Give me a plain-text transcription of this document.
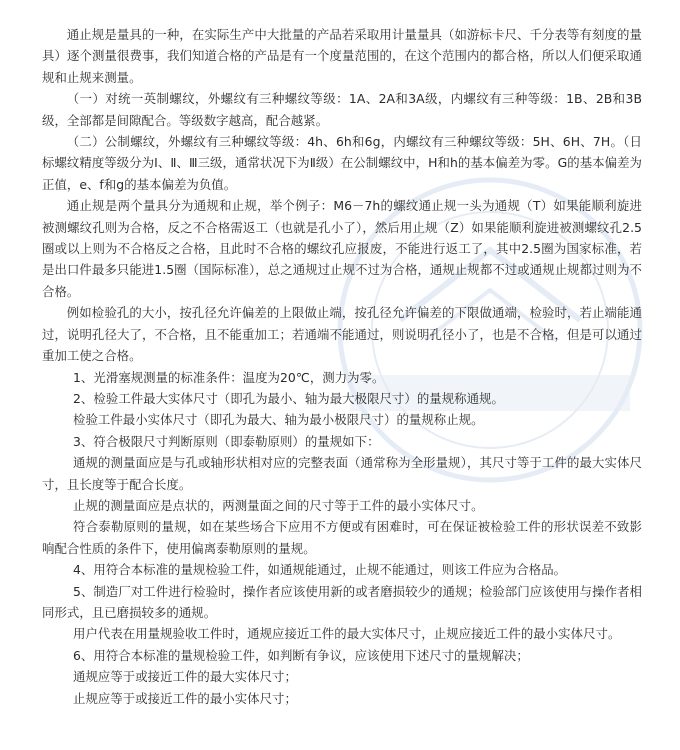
通止规是量具的一种，在实际生产中大批量的产品若采取用计量量具（如游标卡尺、千分表等有刻度的量具）逐个测量很费事，我们知道合格的产品是有一个度量范围的，在这个范围内的都合格，所以人们便采取通规和止规来测量。

（一）对统一英制螺纹，外螺纹有三种螺纹等级：1A、2A和3A级，内螺纹有三种等级：1B、2B和3B级，全部都是间隙配合。等级数字越高，配合越紧。

（二）公制螺纹，外螺纹有三种螺纹等级：4h、6h和6g，内螺纹有三种螺纹等级：5H、6H、7H。（日标螺纹精度等级分为Ⅰ、Ⅱ、Ⅲ三级，通常状况下为Ⅱ级）在公制螺纹中，H和h的基本偏差为零。G的基本偏差为正值，e、f和g的基本偏差为负值。

通止规是两个量具分为通规和止规，举个例子：M6－7h的螺纹通止规一头为通规（T）如果能顺利旋进被测螺纹孔则为合格，反之不合格需返工（也就是孔小了），然后用止规（Z）如果能顺利旋进被测螺纹孔2.5圈或以上则为不合格反之合格，且此时不合格的螺纹孔应报废，不能进行返工了，其中2.5圈为国家标准，若是出口件最多只能进1.5圈（国际标准），总之通规过止规不过为合格，通规止规都不过或通规止规都过则为不合格。

例如检验孔的大小，按孔径允许偏差的上限做止端，按孔径允许偏差的下限做通端，检验时，若止端能通过，说明孔径大了，不合格，且不能重加工；若通端不能通过，则说明孔径小了，也是不合格，但是可以通过重加工使之合格。

1、光滑塞规测量的标准条件：温度为20℃，测力为零。

2、检验工件最大实体尺寸（即孔为最小、轴为最大极限尺寸）的量规称通规。

检验工件最小实体尺寸（即孔为最大、轴为最小极限尺寸）的量规称止规。

3、符合极限尺寸判断原则（即泰勒原则）的量规如下：

通规的测量面应是与孔或轴形状相对应的完整表面（通常称为全形量规），其尺寸等于工件的最大实体尺寸，且长度等于配合长度。

止规的测量面应是点状的，两测量面之间的尺寸等于工件的最小实体尺寸。

符合泰勒原则的量规，如在某些场合下应用不方便或有困难时，可在保证被检验工件的形状误差不致影响配合性质的条件下，使用偏离泰勒原则的量规。

4、用符合本标准的量规检验工件，如通规能通过，止规不能通过，则该工件应为合格品。

5、制造厂对工件进行检验时，操作者应该使用新的或者磨损较少的通规；检验部门应该使用与操作者相同形式，且已磨损较多的通规。

用户代表在用量规验收工件时，通规应接近工件的最大实体尺寸，止规应接近工件的最小实体尺寸。

6、用符合本标准的量规检验工件，如判断有争议，应该使用下述尺寸的量规解决；

通规应等于或接近工件的最大实体尺寸；

止规应等于或接近工件的最小实体尺寸；
